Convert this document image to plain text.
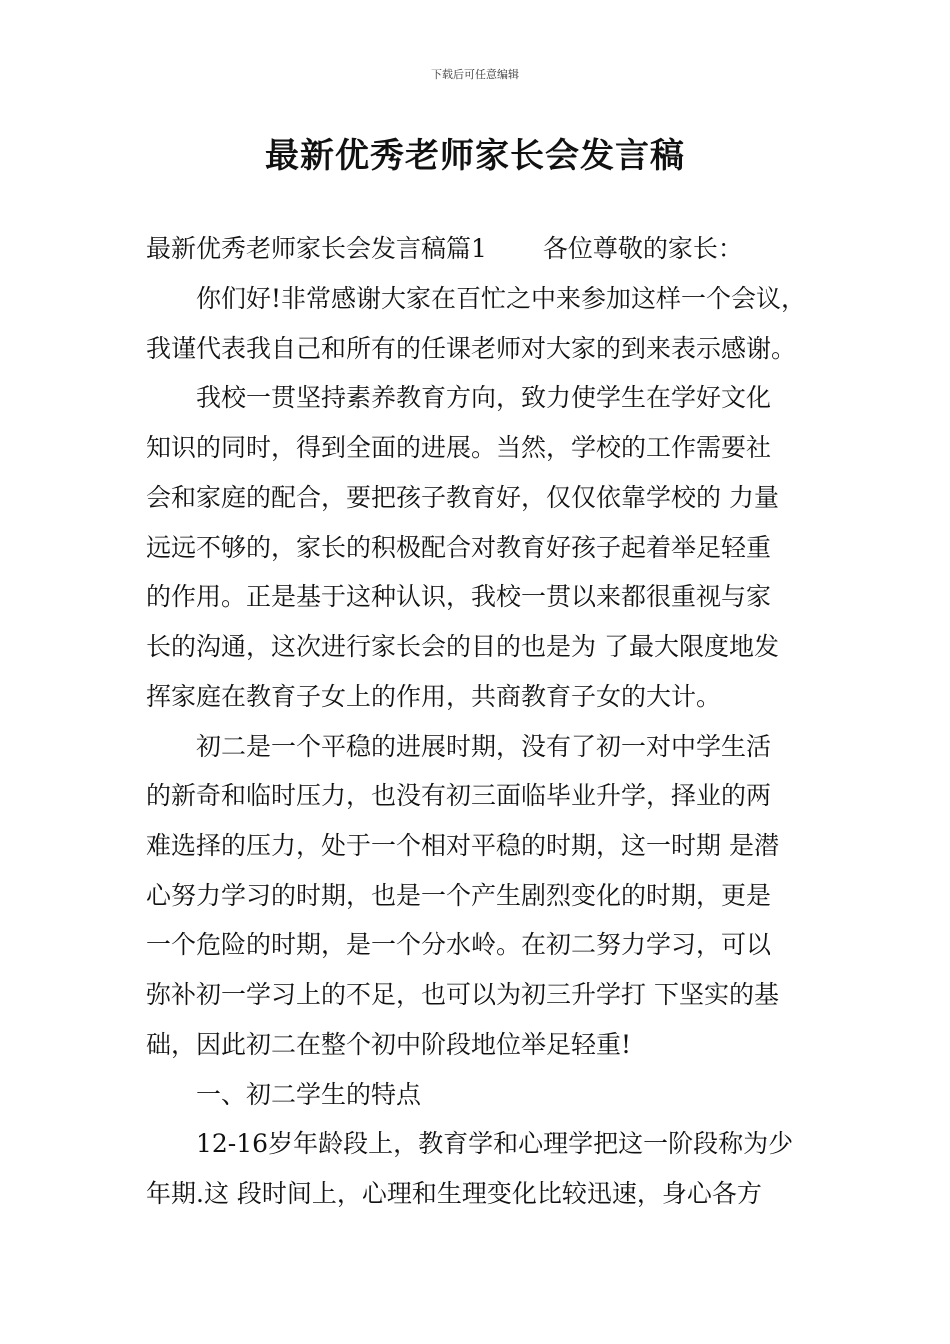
下载后可任意编辑
最新优秀老师家长会发言稿
最新优秀老师家长会发言稿篇1 各位尊敬的家长：
你们好!非常感谢大家在百忙之中来参加这样一个会议，
我谨代表我自己和所有的任课老师对大家的到来表示感谢。
我校一贯坚持素养教育方向，致力使学生在学好文化
知识的同时，得到全面的进展。当然，学校的工作需要社
会和家庭的配合，要把孩子教育好，仅仅依靠学校的 力量
远远不够的，家长的积极配合对教育好孩子起着举足轻重
的作用。正是基于这种认识，我校一贯以来都很重视与家
长的沟通，这次进行家长会的目的也是为 了最大限度地发
挥家庭在教育子女上的作用，共商教育子女的大计。
初二是一个平稳的进展时期，没有了初一对中学生活
的新奇和临时压力，也没有初三面临毕业升学，择业的两
难选择的压力，处于一个相对平稳的时期，这一时期 是潜
心努力学习的时期，也是一个产生剧烈变化的时期，更是
一个危险的时期，是一个分水岭。在初二努力学习，可以
弥补初一学习上的不足，也可以为初三升学打 下坚实的基
础，因此初二在整个初中阶段地位举足轻重!
一、初二学生的特点
12-16岁年龄段上，教育学和心理学把这一阶段称为少
年期.这 段时间上，心理和生理变化比较迅速，身心各方
